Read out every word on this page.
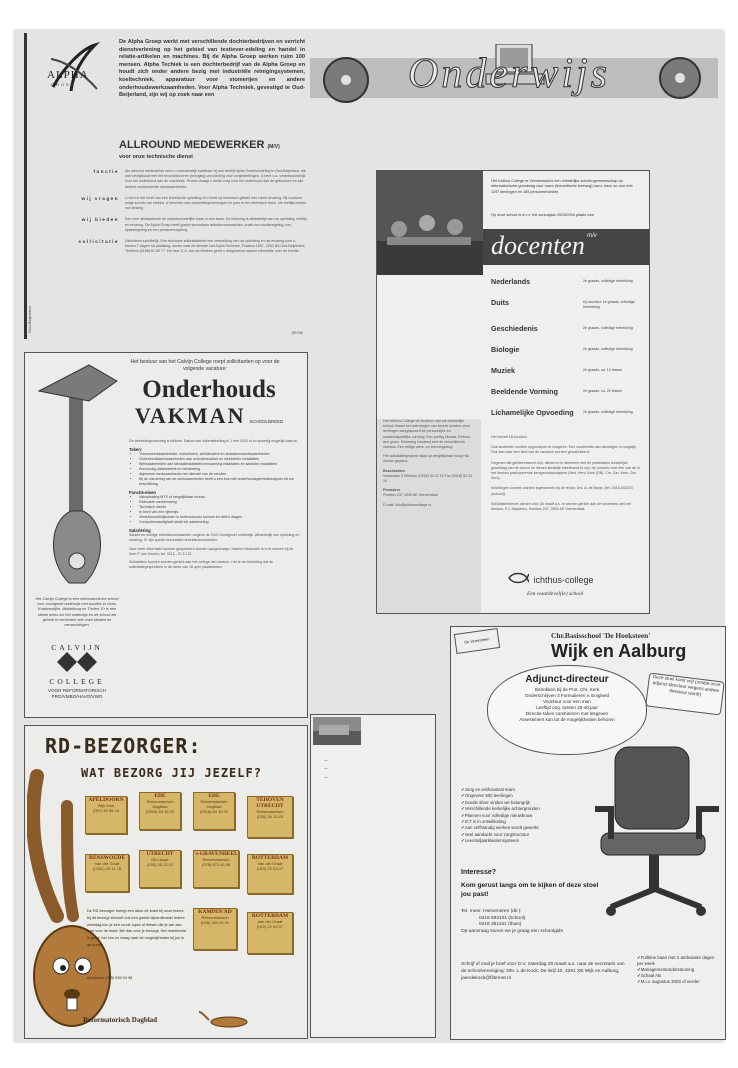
ALPHA
GROEP
De Alpha Groep werkt met verschillende dochterbedrijven en verricht dienstverlening op het gebied van testiever-edeling en handel in relatie-artikelen en machines. Bij de Alpha Groep werken ruim 100 mensen. Alpha Techiek is een dochterbedrijf van de Alpha Groep en houdt zich onder andere bezig met industriële reinigingsystemen, koeltechniek, apparatuur voor stomerijen en andere onderhoudswerkzaamheden. Voor Alpha Techniek, gevestigd te Oud-Beijerland, zijn wij op zoek naar een
ALLROUND MEDEWERKER (M/V)
voor onze technische dienst
functie	Als allround medewerker bent u voornamelijk inzetbaar bij ons bedrijf Alpha Textielverdeling in Oud-Beijerland, die zich bezighoudt met het reconditioneren (reiniging) van kleding voor zorginstellingen. U bent o.a. verantwoordelijk voor het onderhoud aan de machines. Tevens draagt u mede zorg voor het onderhoud aan de gebouwen en alle andere voorkomende werkzaamheden.
wij vragen	U bent in het bezit van een technische opleiding of u heeft op technisch gebied een ruime ervaring. Bij voorkeur enige kennis van elektra. U beschikt over doorzettingsvermogen en past in een technisch team. Uw leeftijd minder van belang.
wij bieden	Een zeer afwisselende en verantwoordelijke baan in een team. De beloning is afhankelijk van uw opleiding, leeftijd en ervaring. De Alpha Groep heeft goede secundaire arbeidsvoorwaarden, zoals een studieregeling, een spaarregeling en een pensioenregeling.
sollicitatie	Uitsluitend schriftelijk. Een beknopte sollicitatiebrief met vermelding van uw opleiding en uw ervaring kunt u, binnen 7 dagen na plaatsing, sturen naar de directie van Alpha Techniek, Postbus 1587, 3260 BA Oud-Beijerland. Telefoon (0186) 61 80 77. De heer C.A. van de Werken geeft u desgewenst nadere informatie over de functie.
(RK28)
Oud-Beijerland
Het bestuur van het Calvijn College roept sollicitanten op voor de volgende vacature:
Onderhouds
VAKMAN SCHOOLBREED
De betrekkingsomvang is fulltime. Datum van indiensttreding is 1 mei 2003 of zo spoedig mogelijk daarna.
Taken:
• Timmerwerkzaamheden, metselwerk, schilderwerk en stukadoorswerkzaamheden
• Onderhoudswerkzaamheden aan schoolmeubilair en elektrische installaties
• Werkzaamheden aan klimaatinstallaties/verwarming installaties en sanitaire installaties
• Eenvoudig datanetwerk en bekabeling
• Algemene werkzaamheden ten dienste van de scholen
• Bij de uitvoering van de werkzaamheden heeft u een bus met onderhoudsgereedschappen tot uw beschikking
Functie-eisen
• Vakopleiding MTS of vergelijkbaar niveau
• Relevante werkervaring
• Technisch inzicht
• In bezit van een rijbewijs
• Verantwoordelijkheden in buitenschools kunnen en willen dragen
• Computervaardigheid strekt tot aanbeveling
Salariëring
Salaris en overige arbeidsvoorwaarden volgens de CAO-Voortgezet onderwijs. Afhankelijk van opleiding en ervaring. Er zijn goede secundaire arbeidsvoorwaarden.
Voor meer informatie kunnen gesprekken worden aangevraagd. Nadere informatie is in te winnen bij de heer P. van Keulen, tel. 0113 - 21 13 21.
Sollicitaties kunnen worden gericht aan het college van bestuur. Het is de bedoeling dat de sollicitatiegesprekken in de week van 16 april plaatsvinden.
Het Calvijn College is een reformatorische school voor voortgezet onderwijs met locaties in Goes, Krabbendijke, Middelburg en Tholen. Er is een sterke wens om het onderwijs en de school als geheel te verbinden met onze idealen en verwachtingen.
CALVIJN
COLLEGE
VOOR REFORMATORISCH PRO/VMBO/HAVO/VWO
RD-BEZORGER:
WAT BEZORG JIJ JEZELF?
APELDOORN
Wijk Zuid
(057) 40 55 16
EDE
Reformatorisch Dagblad
(0318) 64 16 22
EDE
Reformatorisch Dagblad
(0318) 64 16 22
TEHOVEN UTRECHT
Reformatorisch
(030) 26 13 43
RENSWOUDE
Van der Graaf
(0342) 43 11 76
UTRECHT
De Lange
(030) 28 13 43
's-GRAVENDEEL
Reformatorisch
(078) 673 92 55
ROTTERDAM
Van der Graaf
(010) 22 03 07
KAMPEN AD
Reformatorisch
(038) 333 20 91
ROTTERDAM
Van der Graaf
(010) 22 03 07
De RD-bezorger brengt een abon de krant bij onze lezers, bij dit bezorgt zichzelf ook een goede bijverdienste! Iedere werkdag kun je een ronde lopen of fietsen die je wel aan kunt voor de krant. Bel dan voor je bezorgt. Het reactieveld is groot, bel ons en vraag naar de mogelijkheden bij jou in de buurt.
Apeldoorn (055) 539 04 98
Reformatorisch Dagblad
Onderwijs
Het Ichthus College te Veenendaal is een christelijke scholengemeenschap op reformatorische grondslag voor mavo (theoretische leerweg) havo, havo en vwo met 1197 leerlingen en 165 personeelsleden.
Op onze school is m.i.v. het cursusjaar 2003/2004 plaats voor
docenten m/v
Nederlands	2e graads, volledige betrekking
Duits	bij voorkeur 1e graads, volledige betrekking
Geschiedenis	2e graads, volledige betrekking
Biologie	2e graads, volledige betrekking
Muziek	2e graads, ca. 10 lessen
Beeldende Vorming	2e graads, ca. 20 lessen
Lichamelijke Opvoeding	2e graads, volledige betrekking
Het Ichthus-College wil kinderen zijn als christelijke school. Naast het overdragen van kennis worden onze leerlingen aangespoord tot persoonlijke en maatschappelijke vorming. Een prettig klimaat. Reform-ace groen. Rekening houdend met de verschillende niveaus. Een veilige werk- en leeromgeving.
Het sollicitatiegesprek staat op vergelijkbaar hoog HIA niveau gepland.
Bezoekadres
Vosbelaan 4 Telefoon (0318) 54 32 10 Fax (0318) 54 33 10
Postadres
Postbus 237 3900 AE Veenendaal
E-mail: info@ichthuscollege.nl
Het betreft LB-functies.
Ook studenten worden opgeroepen te reageren. Een voorbeelds van uitnodigen is mogelijk. Ook kan naar een deel van de vacature worden gesolliciteerd.
Degenen die geïnteresseerd zijn, dienen in te stemmen met de protestants christelijke grondslag van de school en dienen kerkelijk meelevend te zijn, bij voorkeur met één van de in het bestuur participerende kerkgenootschappen (Ned. Herv. Kerk (GB), Chr. Ger. Kerk, Ger. Kerk).
Inlichtingen kunnen worden ingewonnen bij de rector, Drs. A. de Bruijn, (tel. 0318-543210 (school)).
Sollicitatiebrieven dienen vóór 28 maart a.s. te worden gericht aan de secretaris van het bestuur, P.J. Stapleton, Postbus 237, 3900 AE Veenendaal.
ichthus-college
Een waardevol(le) school
–
–
–
De Hoeksteen
Chr.Basisschool 'De Hoeksteen'
Wijk en Aalburg
Adjunct-directeur
Betrokken bij de Prot. Chr. Kerk
Onderschrijven 3 Formulieren v. Enigheid
Voorkeur voor een man
Leeftijd ong. tussen 25-40 jaar
Directie-taken combineren met lesgeven
Assessment kan tot de mogelijkheden behoren
Deze stoel komt vrij! (omdat onze adjunct-directeur wegens andere directeur wordt)
✓ Jong en enthousiast team
✓ Ongeveer 500 leerlingen
✓ Goede sfeer vinden we belangrijk
✓ Verschillende kerkelijke achtergronden
✓ Plannen voor volledige nieuwbouw
✓ ICT is in ontwikkeling
✓ Aan zelfstandig werken wordt gewerkt
✓ Veel aandacht voor zorgstructuur
✓ Leerstofjaarklassensysteem
Interesse?
Kom gerust langs om te kijken of deze stoel jou past!
Tel. meer. Hoeveneren (dir.):
0416 692101 (school)
0416 391151 (thuis)
Op aanvraag sturen we je graag een schoolgids
Schrijf of mail je brief voor D.V. zaterdag 29 maart a.s. naar de secretaris van de schoolvereniging: Dhr. L.de Kock, De Wijl 10, 4261 XB Wijk en Aalburg, jaendekock@filternet.nl
✓ Fulltime baan met 2 ambulante dagen per week
✓ Managementondersteuning
✓ Schaal AB
✓ M.i.v. augustus 2003 of eerder
